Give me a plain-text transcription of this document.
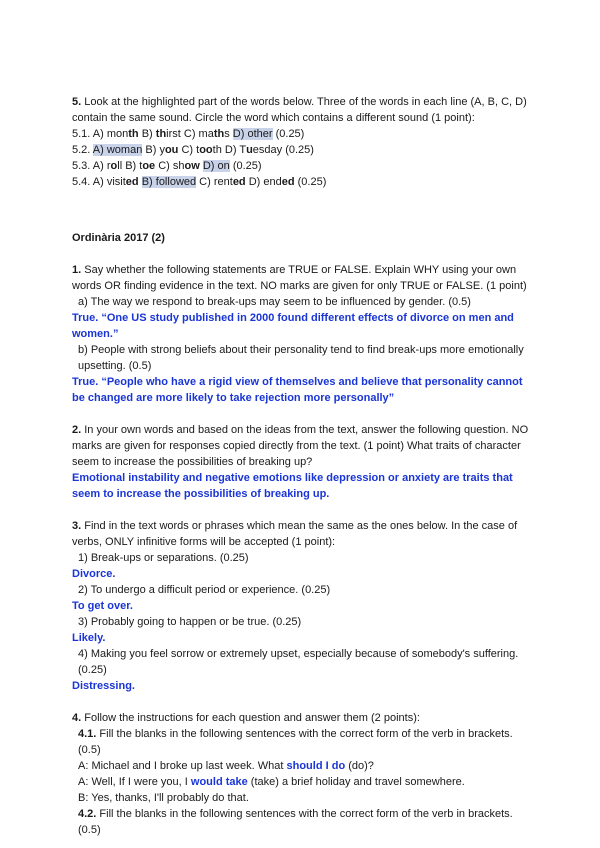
5. Look at the highlighted part of the words below. Three of the words in each line (A, B, C, D) contain the same sound. Circle the word which contains a different sound (1 point):

5.1. A) month B) thirst C) maths D) other (0.25)

5.2. A) woman B) you C) tooth D) Tuesday (0.25)

5.3. A) roll B) toe C) show D) on (0.25)

5.4. A) visited B) followed C) rented D) ended (0.25)

Ordinària 2017 (2)

1. Say whether the following statements are TRUE or FALSE. Explain WHY using your own words OR finding evidence in the text. NO marks are given for only TRUE or FALSE. (1 point)

a) The way we respond to break-ups may seem to be influenced by gender. (0.5)

True. “One US study published in 2000 found different effects of divorce on men and women.”

b) People with strong beliefs about their personality tend to find break-ups more emotionally upsetting. (0.5)

True. “People who have a rigid view of themselves and believe that personality cannot be changed are more likely to take rejection more personally”

2. In your own words and based on the ideas from the text, answer the following question. NO marks are given for responses copied directly from the text. (1 point) What traits of character seem to increase the possibilities of breaking up?

Emotional instability and negative emotions like depression or anxiety are traits that seem to increase the possibilities of breaking up.

3. Find in the text words or phrases which mean the same as the ones below. In the case of verbs, ONLY infinitive forms will be accepted (1 point):

1) Break-ups or separations. (0.25)

Divorce.

2) To undergo a difficult period or experience. (0.25)

To get over.

3) Probably going to happen or be true. (0.25)

Likely.

4) Making you feel sorrow or extremely upset, especially because of somebody's suffering. (0.25)

Distressing.

4. Follow the instructions for each question and answer them (2 points):

4.1. Fill the blanks in the following sentences with the correct form of the verb in brackets. (0.5)

A: Michael and I broke up last week. What should I do (do)?

A: Well, If I were you, I would take (take) a brief holiday and travel somewhere.

B: Yes, thanks, I'll probably do that.

4.2. Fill the blanks in the following sentences with the correct form of the verb in brackets. (0.5)
